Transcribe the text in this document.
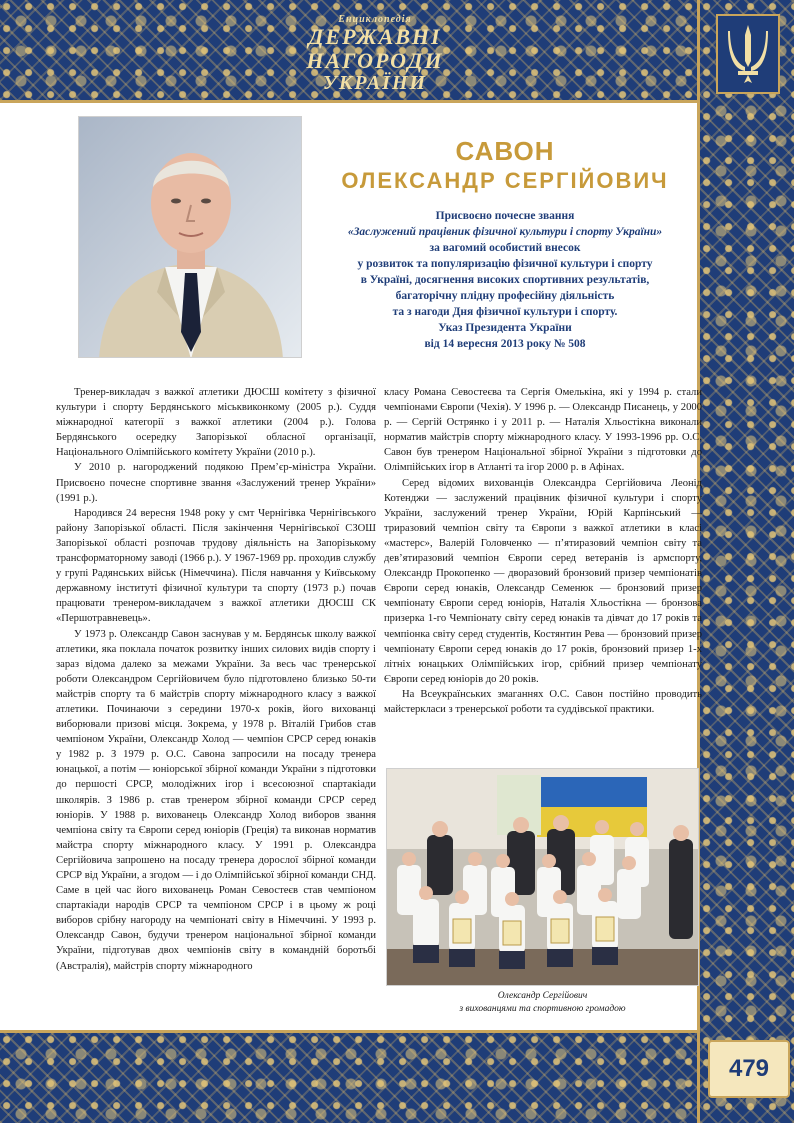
Енциклопедія
ДЕРЖАВНІ НАГОРОДИ
УКРАЇНИ
479
САВОН
ОЛЕКСАНДР СЕРГІЙОВИЧ
Присвоєно почесне звання
«Заслужений працівник фізичної культури і спорту України»
за вагомий особистий внесок
у розвиток та популяризацію фізичної культури і спорту
в Україні, досягнення високих спортивних результатів,
багаторічну плідну професійну діяльність
та з нагоди Дня фізичної культури і спорту.
Указ Президента України
від 14 вересня 2013 року № 508

Тренер-викладач з важкої атлетики ДЮСШ комітету з фізичної культури і спорту Бердянського міськвиконкому (2005 р.). Суддя міжнародної категорії з важкої атлетики (2004 р.). Голова Бердянського осередку Запорізької обласної організації, Національного Олімпійського комітету України (2010 р.).

У 2010 р. нагороджений подякою Прем’єр-міністра України. Присвоєно почесне спортивне звання «Заслужений тренер України» (1991 р.).

Народився 24 вересня 1948 року у смт Чернігівка Чернігівського району Запорізької області. Після закінчення Чернігівської СЗОШ Запорізької області розпочав трудову діяльність на Запорізькому трансформаторному заводі (1966 р.). У 1967-1969 рр. проходив службу у групі Радянських військ (Німеччина). Після навчання у Київському державному інституті фізичної культури та спорту (1973 р.) почав працювати тренером-викладачем з важкої атлетики ДЮСШ СК «Першотравневець».

У 1973 р. Олександр Савон заснував у м. Бердянськ школу важкої атлетики, яка поклала початок розвитку інших силових видів спорту і зараз відома далеко за межами України. За весь час тренерської роботи Олександром Сергійовичем було підготовлено близько 50-ти майстрів спорту та 6 майстрів спорту міжнародного класу з важкої атлетики. Починаючи з середини 1970-х років, його вихованці виборювали призові місця. Зокрема, у 1978 р. Віталій Грибов став чемпіоном України, Олександр Холод — чемпіон СРСР серед юнаків у 1982 р. З 1979 р. О.С. Савона запросили на посаду тренера юнацької, а потім — юніорської збірної команди України з підготовки до першості СРСР, молодіжних ігор і всесоюзної спартакіади школярів. З 1986 р. став тренером збірної команди СРСР серед юніорів. У 1988 р. вихованець Олександр Холод виборов звання чемпіона світу та Європи серед юніорів (Греція) та виконав норматив майстра спорту міжнародного класу. У 1991 р. Олександра Сергійовича запрошено на посаду тренера дорослої збірної команди СРСР від України, а згодом — і до Олімпійської збірної команди СНД. Саме в цей час його вихованець Роман Севостеєв став чемпіоном спартакіади народів СРСР та чемпіоном СРСР і в цьому ж році виборов срібну нагороду на чемпіонаті світу в Німеччині. У 1993 р. Олександр Савон, будучи тренером національної збірної команди України, підготував двох чемпіонів світу в командній боротьбі (Австралія), майстрів спорту міжнародного

класу Романа Севостеєва та Сергія Омелькіна, які у 1994 р. стали чемпіонами Європи (Чехія). У 1996 р. — Олександр Писанець, у 2000 р. — Сергій Острянко і у 2011 р. — Наталія Хльостікна виконали норматив майстрів спорту міжнародного класу. У 1993-1996 рр. О.С. Савон був тренером Національної збірної України з підготовки до Олімпійських ігор в Атланті та ігор 2000 р. в Афінах.

Серед відомих вихованців Олександра Сергійовича Леонід Котенджи — заслужений працівник фізичної культури і спорту України, заслужений тренер України, Юрій Карпінський — триразовий чемпіон світу та Європи з важкої атлетики в класі «мастерс», Валерій Головченко — п’ятиразовий чемпіон світу та дев’ятиразовий чемпіон Європи серед ветеранів із армспорту, Олександр Прокопенко — дворазовий бронзовий призер чемпіонатів Європи серед юнаків, Олександр Семенюк — бронзовий призер чемпіонату Європи серед юніорів, Наталія Хльостікна — бронзова призерка 1-го Чемпіонату світу серед юнаків та дівчат до 17 років та чемпіонка світу серед студентів, Костянтин Рева — бронзовий призер чемпіонату Європи серед юнаків до 17 років, бронзовий призер 1-х літніх юнацьких Олімпійських ігор, срібний призер чемпіонату Європи серед юніорів до 20 років.

На Всеукраїнських змаганнях О.С. Савон постійно проводить майстеркласи з тренерської роботи та суддівської практики.

Олександр Сергійович
з вихованцями та спортивною громадою
